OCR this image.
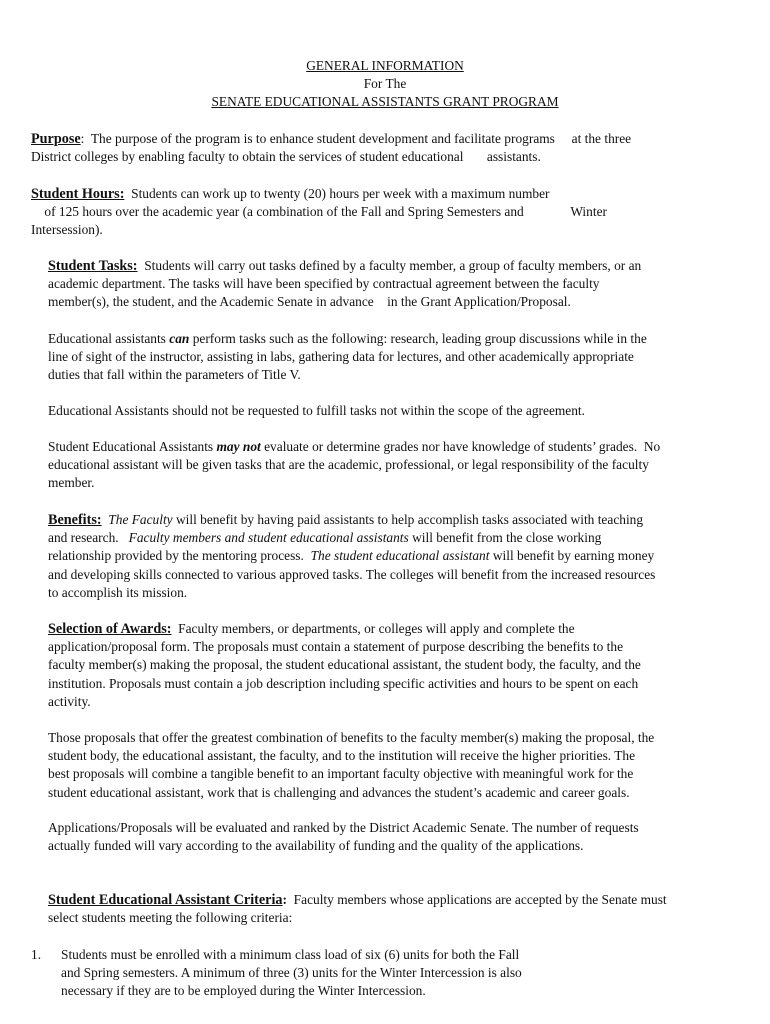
GENERAL INFORMATION
For The
SENATE EDUCATIONAL ASSISTANTS GRANT PROGRAM
Purpose:  The purpose of the program is to enhance student development and facilitate programs     at the three
District colleges by enabling faculty to obtain the services of student educational       assistants.
Student Hours:  Students can work up to twenty (20) hours per week with a maximum number
of 125 hours over the academic year (a combination of the Fall and Spring Semesters and              Winter
Intersession).
Student Tasks:  Students will carry out tasks defined by a faculty member, a group of faculty members, or an
academic department. The tasks will have been specified by contractual agreement between the faculty
member(s), the student, and the Academic Senate in advance    in the Grant Application/Proposal.
Educational assistants can perform tasks such as the following: research, leading group discussions while in the
line of sight of the instructor, assisting in labs, gathering data for lectures, and other academically appropriate
duties that fall within the parameters of Title V.
Educational Assistants should not be requested to fulfill tasks not within the scope of the agreement.
Student Educational Assistants may not evaluate or determine grades nor have knowledge of students’ grades.  No
educational assistant will be given tasks that are the academic, professional, or legal responsibility of the faculty
member.
Benefits: The Faculty will benefit by having paid assistants to help accomplish tasks associated with teaching
and research.   Faculty members and student educational assistants will benefit from the close working
relationship provided by the mentoring process.  The student educational assistant will benefit by earning money
and developing skills connected to various approved tasks. The colleges will benefit from the increased resources
to accomplish its mission.
Selection of Awards:  Faculty members, or departments, or colleges will apply and complete the
application/proposal form. The proposals must contain a statement of purpose describing the benefits to the
faculty member(s) making the proposal, the student educational assistant, the student body, the faculty, and the
institution. Proposals must contain a job description including specific activities and hours to be spent on each
activity.
Those proposals that offer the greatest combination of benefits to the faculty member(s) making the proposal, the
student body, the educational assistant, the faculty, and to the institution will receive the higher priorities. The
best proposals will combine a tangible benefit to an important faculty objective with meaningful work for the
student educational assistant, work that is challenging and advances the student’s academic and career goals.
Applications/Proposals will be evaluated and ranked by the District Academic Senate. The number of requests
actually funded will vary according to the availability of funding and the quality of the applications.
Student Educational Assistant Criteria:  Faculty members whose applications are accepted by the Senate must
select students meeting the following criteria:
1. Students must be enrolled with a minimum class load of six (6) units for both the Fall
and Spring semesters. A minimum of three (3) units for the Winter Intercession is also
necessary if they are to be employed during the Winter Intercession.
